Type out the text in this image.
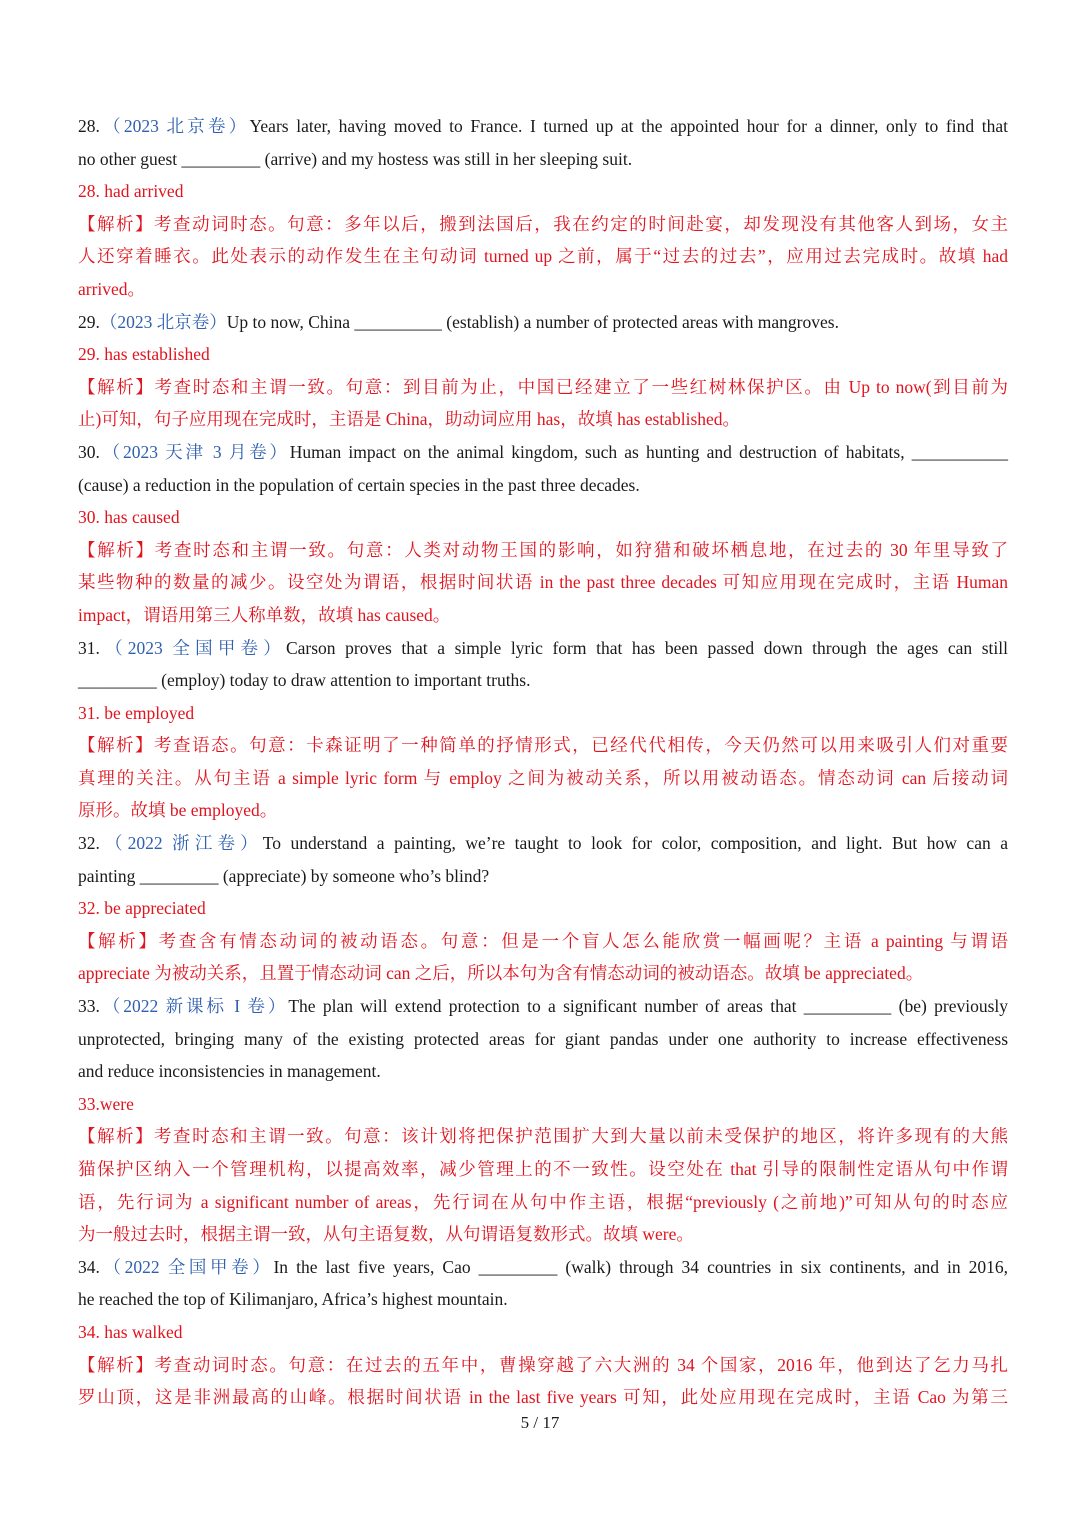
28.（2023 北京卷）Years later, having moved to France. I turned up at the appointed hour for a dinner, only to find that
no other guest _________ (arrive) and my hostess was still in her sleeping suit.
28. had arrived
【解析】考查动词时态。句意：多年以后，搬到法国后，我在约定的时间赴宴，却发现没有其他客人到场，女主
人还穿着睡衣。此处表示的动作发生在主句动词 turned up 之前，属于“过去的过去”，应用过去完成时。故填 had
arrived。
29.（2023 北京卷）Up to now, China __________ (establish) a number of protected areas with mangroves.
29. has established
【解析】考查时态和主谓一致。句意：到目前为止，中国已经建立了一些红树林保护区。由 Up to now(到目前为
止)可知，句子应用现在完成时，主语是 China，助动词应用 has，故填 has established。
30.（2023 天津 3 月卷）Human impact on the animal kingdom, such as hunting and destruction of habitats, ___________
(cause) a reduction in the population of certain species in the past three decades.
30. has caused
【解析】考查时态和主谓一致。句意：人类对动物王国的影响，如狩猎和破坏栖息地，在过去的 30 年里导致了
某些物种的数量的减少。设空处为谓语，根据时间状语 in the past three decades 可知应用现在完成时，主语 Human
impact，谓语用第三人称单数，故填 has caused。
31.（2023 全国甲卷）Carson proves that a simple lyric form that has been passed down through the ages can still
_________ (employ) today to draw attention to important truths.
31. be employed
【解析】考查语态。句意：卡森证明了一种简单的抒情形式，已经代代相传，今天仍然可以用来吸引人们对重要
真理的关注。从句主语 a simple lyric form 与 employ 之间为被动关系，所以用被动语态。情态动词 can 后接动词
原形。故填 be employed。
32.（2022 浙江卷）To understand a painting, we’re taught to look for color, composition, and light. But how can a
painting _________ (appreciate) by someone who’s blind?
32. be appreciated
【解析】考查含有情态动词的被动语态。句意：但是一个盲人怎么能欣赏一幅画呢？主语 a painting 与谓语
appreciate 为被动关系，且置于情态动词 can 之后，所以本句为含有情态动词的被动语态。故填 be appreciated。
33.（2022 新课标 I 卷）The plan will extend protection to a significant number of areas that __________ (be) previously
unprotected, bringing many of the existing protected areas for giant pandas under one authority to increase effectiveness
and reduce inconsistencies in management.
33.were
【解析】考查时态和主谓一致。句意：该计划将把保护范围扩大到大量以前未受保护的地区，将许多现有的大熊
猫保护区纳入一个管理机构，以提高效率，减少管理上的不一致性。设空处在 that 引导的限制性定语从句中作谓
语，先行词为 a significant number of areas，先行词在从句中作主语，根据“previously (之前地)”可知从句的时态应
为一般过去时，根据主谓一致，从句主语复数，从句谓语复数形式。故填 were。
34.（2022 全国甲卷）In the last five years, Cao _________ (walk) through 34 countries in six continents, and in 2016,
he reached the top of Kilimanjaro, Africa’s highest mountain.
34. has walked
【解析】考查动词时态。句意：在过去的五年中，曹操穿越了六大洲的 34 个国家，2016 年，他到达了乞力马扎
罗山顶，这是非洲最高的山峰。根据时间状语 in the last five years 可知，此处应用现在完成时，主语 Cao 为第三
5 / 17
